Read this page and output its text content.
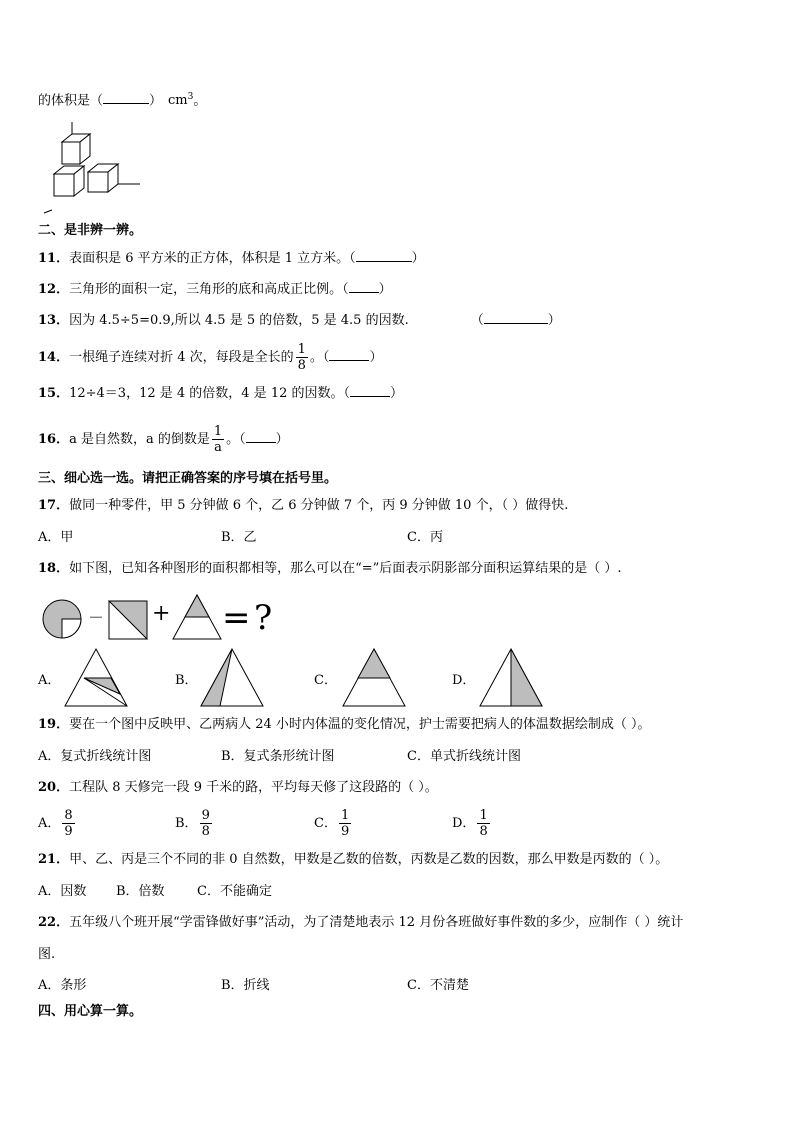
的体积是（	） $cm^3$。
二、是非辨一辨。
11．表面积是 6 平方米的正方体，体积是 1 立方米。（	）
12．三角形的面积一定，三角形的底和高成正比例。（ ）
13．因为 4.5÷5=0.9,所以 4.5 是 5 的倍数，5 是 4.5 的因数.	（	）
14．一根绳子连续对折 4 次，每段是全长的 $\frac{1}{8}$ 。（	）
15．12÷4＝3，12 是 4 的倍数，4 是 12 的因数。（	）
16．a 是自然数，a 的倒数是 $\frac{1}{a}$ 。（ ）
三、细心选一选。请把正确答案的序号填在括号里。
17．做同一种零件，甲 5 分钟做 6 个，乙 6 分钟做 7 个，丙 9 分钟做 10 个，（ ）做得快.
A．甲	B．乙	C．丙
18．如下图，已知各种图形的面积都相等，那么可以在“=”后面表示阴影部分面积运算结果的是（ ）.
－ + = ?
A．	B．	C．	D．
19．要在一个图中反映甲、乙两病人 24 小时内体温的变化情况，护士需要把病人的体温数据绘制成（ ）。
A．复式折线统计图	B．复式条形统计图	C．单式折线统计图
20．工程队 8 天修完一段 9 千米的路，平均每天修了这段路的（ ）。
A． $\frac{8}{9}$	B． $\frac{9}{8}$	C． $\frac{1}{9}$	D． $\frac{1}{8}$
21．甲、乙、丙是三个不同的非 0 自然数，甲数是乙数的倍数，丙数是乙数的因数，那么甲数是丙数的（ ）。
A．因数 B．倍数 C．不能确定
22．五年级八个班开展“学雷锋做好事”活动，为了清楚地表示 12 月份各班做好事件数的多少，应制作（ ）统计
图.
A．条形	B．折线	C．不清楚
四、用心算一算。
